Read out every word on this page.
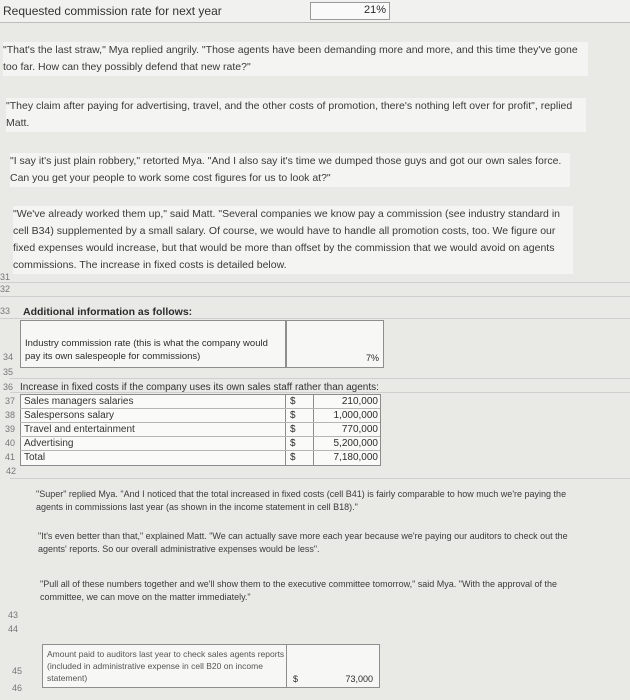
Requested commission rate for next year	21%
"That's the last straw," Mya replied angrily. "Those agents have been demanding more and more, and this time they've gone too far. How can they possibly defend that new rate?"
"They claim after paying for advertising, travel, and the other costs of promotion, there's nothing left over for profit", replied Matt.
"I say it's just plain robbery," retorted Mya. "And I also say it's time we dumped those guys and got our own sales force. Can you get your people to work some cost figures for us to look at?"
"We've already worked them up," said Matt. "Several companies we know pay a commission (see industry standard in cell B34) supplemented by a small salary. Of course, we would have to handle all promotion costs, too. We figure our fixed expenses would increase, but that would be more than offset by the commission that we would avoid on agents commissions. The increase in fixed costs is detailed below.
31
32
33
34
35
36
37
38
39
40
41
42
43
44
45
46
Additional information as follows:
Industry commission rate (this is what the company would pay its own salespeople for commissions)	7%
Increase in fixed costs if the company uses its own sales staff rather than agents:
Sales managers salaries	$	210,000
Salespersons salary	$	1,000,000
Travel and entertainment	$	770,000
Advertising	$	5,200,000
Total	$	7,180,000
"Super" replied Mya. "And I noticed that the total increased in fixed costs (cell B41) is fairly comparable to how much we're paying the agents in commissions last year (as shown in the income statement in cell B18)."
"It's even better than that," explained Matt. "We can actually save more each year because we're paying our auditors to check out the agents' reports. So our overall administrative expenses would be less".
"Pull all of these numbers together and we'll show them to the executive committee tomorrow," said Mya. "With the approval of the committee, we can move on the matter immediately."
Amount paid to auditors last year to check sales agents reports (included in administrative expense in cell B20 on income statement)	$	73,000
